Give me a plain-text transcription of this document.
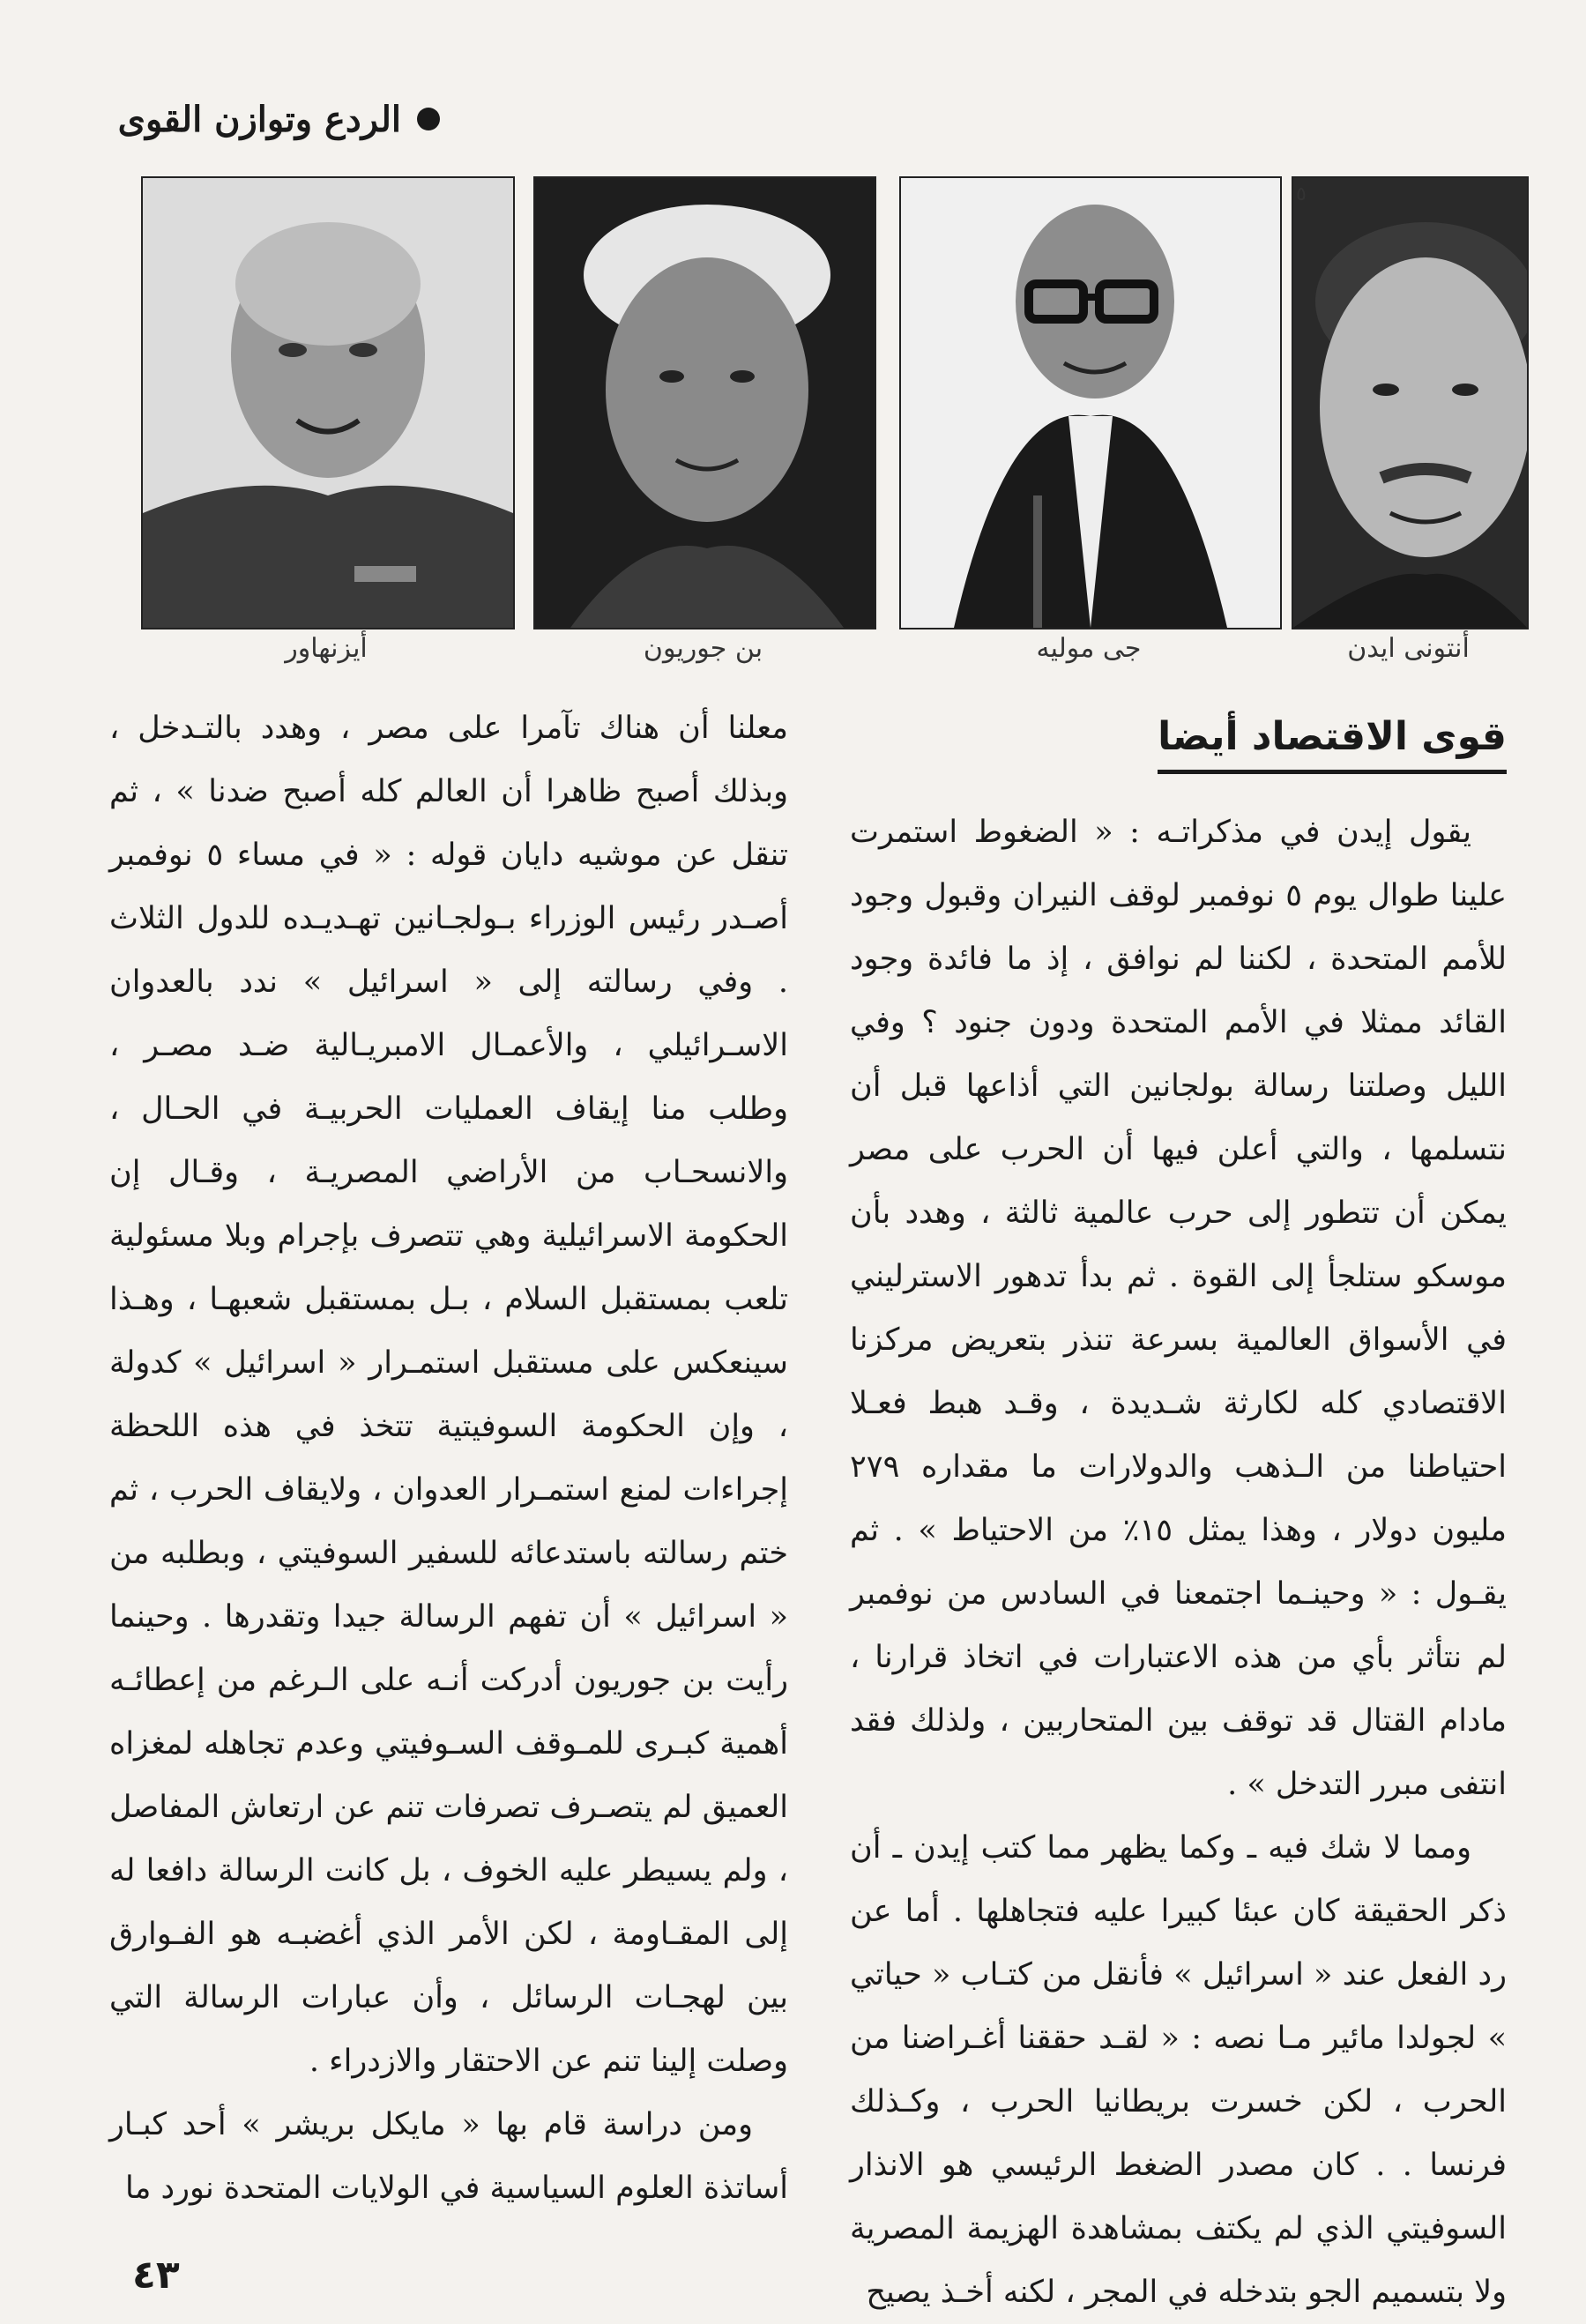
الردع وتوازن القوى
أيزنهاور	بن جوريون	جى موليه
٥
أنتونى ايدن
قوى الاقتصاد أيضا

يقول إيدن في مذكراتـه : « الضغوط استمرت علينا طوال يوم ٥ نوفمبر لوقف النيران وقبول وجود للأمم المتحدة ، لكننا لم نوافق ، إذ ما فائدة وجود القائد ممثلا في الأمم المتحدة ودون جنود ؟ وفي الليل وصلتنا رسالة بولجانين التي أذاعها قبل أن نتسلمها ، والتي أعلن فيها أن الحرب على مصر يمكن أن تتطور إلى حرب عالمية ثالثة ، وهدد بأن موسكو ستلجأ إلى القوة . ثم بدأ تدهور الاسترليني في الأسواق العالمية بسرعة تنذر بتعريض مركزنا الاقتصادي كله لكارثة شـديدة ، وقـد هبط فعـلا احتياطنا من الـذهب والدولارات ما مقداره ٢٧٩ مليون دولار ، وهذا يمثل ١٥٪ من الاحتياط » . ثم يقـول : « وحينـما اجتمعنا في السادس من نوفمبر لم نتأثر بأي من هذه الاعتبارات في اتخاذ قرارنا ، مادام القتال قد توقف بين المتحاربين ، ولذلك فقد انتفى مبرر التدخل » .

ومما لا شك فيه ـ وكما يظهر مما كتب إيدن ـ أن ذكر الحقيقة كان عبئا كبيرا عليه فتجاهلها . أما عن رد الفعل عند « اسرائيل » فأنقل من كتـاب « حياتي » لجولدا مائير مـا نصه : « لقـد حققنا أغـراضنا من الحرب ، لكن خسرت بريطانيا الحرب ، وكـذلك فرنسا . . كان مصدر الضغط الرئيسي هو الانذار السوفيتي الذي لم يكتف بمشاهدة الهزيمة المصرية ولا بتسميم الجو بتدخله في المجر ، لكنه أخـذ يصيح

معلنا أن هناك تآمرا على مصر ، وهدد بالتـدخل ، وبذلك أصبح ظاهرا أن العالم كله أصبح ضدنا » ، ثم تنقل عن موشيه دايان قوله : « في مساء ٥ نوفمبر أصـدر رئيس الوزراء بـولجـانين تهـديـده للدول الثلاث . وفي رسالته إلى « اسرائيل » ندد بالعدوان الاسـرائيلي ، والأعمـال الامبريـالية ضـد مصـر ، وطلب منا إيقاف العمليات الحربيـة في الحـال ، والانسحـاب من الأراضي المصريـة ، وقـال إن الحكومة الاسرائيلية وهي تتصرف بإجرام وبلا مسئولية تلعب بمستقبل السلام ، بـل بمستقبل شعبهـا ، وهـذا سينعكس على مستقبل استمـرار « اسرائيل » كدولة ، وإن الحكومة السوفيتية تتخذ في هذه اللحظة إجراءات لمنع استمـرار العدوان ، ولايقاف الحرب ، ثم ختم رسالته باستدعائه للسفير السوفيتي ، وبطلبه من « اسرائيل » أن تفهم الرسالة جيدا وتقدرها . وحينما رأيت بن جوريون أدركت أنـه على الـرغم من إعطائـه أهمية كبـرى للمـوقف السـوفيتي وعدم تجاهله لمغزاه العميق لم يتصـرف تصرفات تنم عن ارتعاش المفاصل ، ولم يسيطر عليه الخوف ، بل كانت الرسالة دافعا له إلى المقـاومة ، لكن الأمر الذي أغضبـه هو الفـوارق بين لهجـات الرسائل ، وأن عبارات الرسالة التي وصلت إلينا تنم عن الاحتقار والازدراء .

ومن دراسة قام بها « مايكل بريشر » أحد كبـار أساتذة العلوم السياسية في الولايات المتحدة نورد ما

٤٣
